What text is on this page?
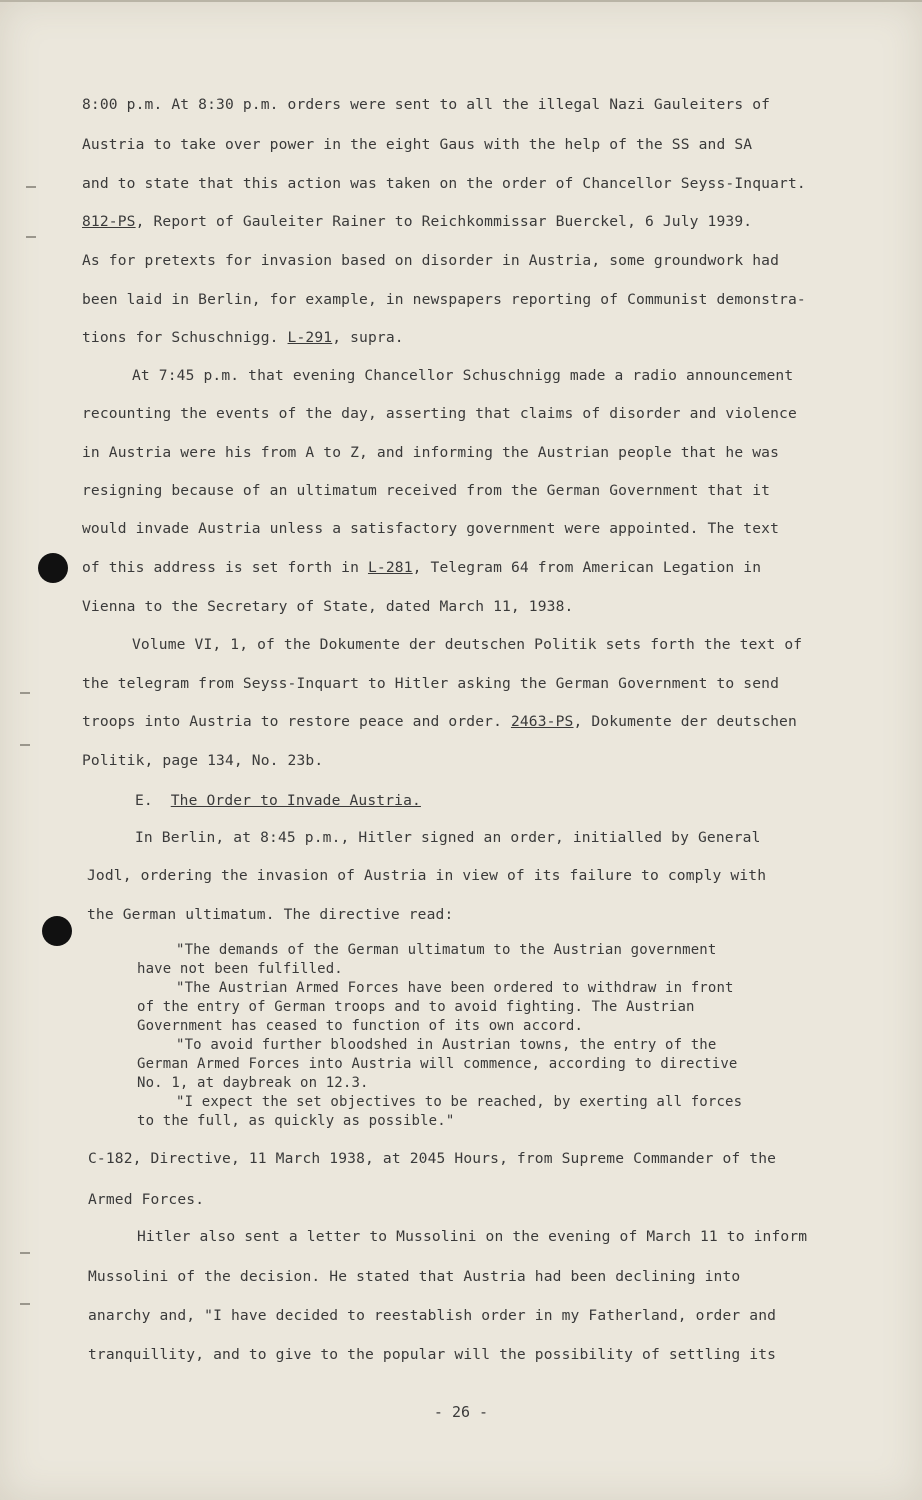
8:00 p.m. At 8:30 p.m. orders were sent to all the illegal Nazi Gauleiters of
Austria to take over power in the eight Gaus with the help of the SS and SA
and to state that this action was taken on the order of Chancellor Seyss-Inquart.
812-PS, Report of Gauleiter Rainer to Reichkommissar Buerckel, 6 July 1939.
As for pretexts for invasion based on disorder in Austria, some groundwork had
been laid in Berlin, for example, in newspapers reporting of Communist demonstra-
tions for Schuschnigg. L-291, supra.
At 7:45 p.m. that evening Chancellor Schuschnigg made a radio announcement
recounting the events of the day, asserting that claims of disorder and violence
in Austria were his from A to Z, and informing the Austrian people that he was
resigning because of an ultimatum received from the German Government that it
would invade Austria unless a satisfactory government were appointed. The text
of this address is set forth in L-281, Telegram 64 from American Legation in
Vienna to the Secretary of State, dated March 11, 1938.
Volume VI, 1, of the Dokumente der deutschen Politik sets forth the text of
the telegram from Seyss-Inquart to Hitler asking the German Government to send
troops into Austria to restore peace and order. 2463-PS, Dokumente der deutschen
Politik, page 134, No. 23b.
E. The Order to Invade Austria.
In Berlin, at 8:45 p.m., Hitler signed an order, initialled by General
Jodl, ordering the invasion of Austria in view of its failure to comply with
the German ultimatum. The directive read:
"The demands of the German ultimatum to the Austrian government
have not been fulfilled.
"The Austrian Armed Forces have been ordered to withdraw in front
of the entry of German troops and to avoid fighting. The Austrian
Government has ceased to function of its own accord.
"To avoid further bloodshed in Austrian towns, the entry of the
German Armed Forces into Austria will commence, according to directive
No. 1, at daybreak on 12.3.
"I expect the set objectives to be reached, by exerting all forces
to the full, as quickly as possible."
C-182, Directive, 11 March 1938, at 2045 Hours, from Supreme Commander of the
Armed Forces.
Hitler also sent a letter to Mussolini on the evening of March 11 to inform
Mussolini of the decision. He stated that Austria had been declining into
anarchy and, "I have decided to reestablish order in my Fatherland, order and
tranquillity, and to give to the popular will the possibility of settling its
- 26 -
